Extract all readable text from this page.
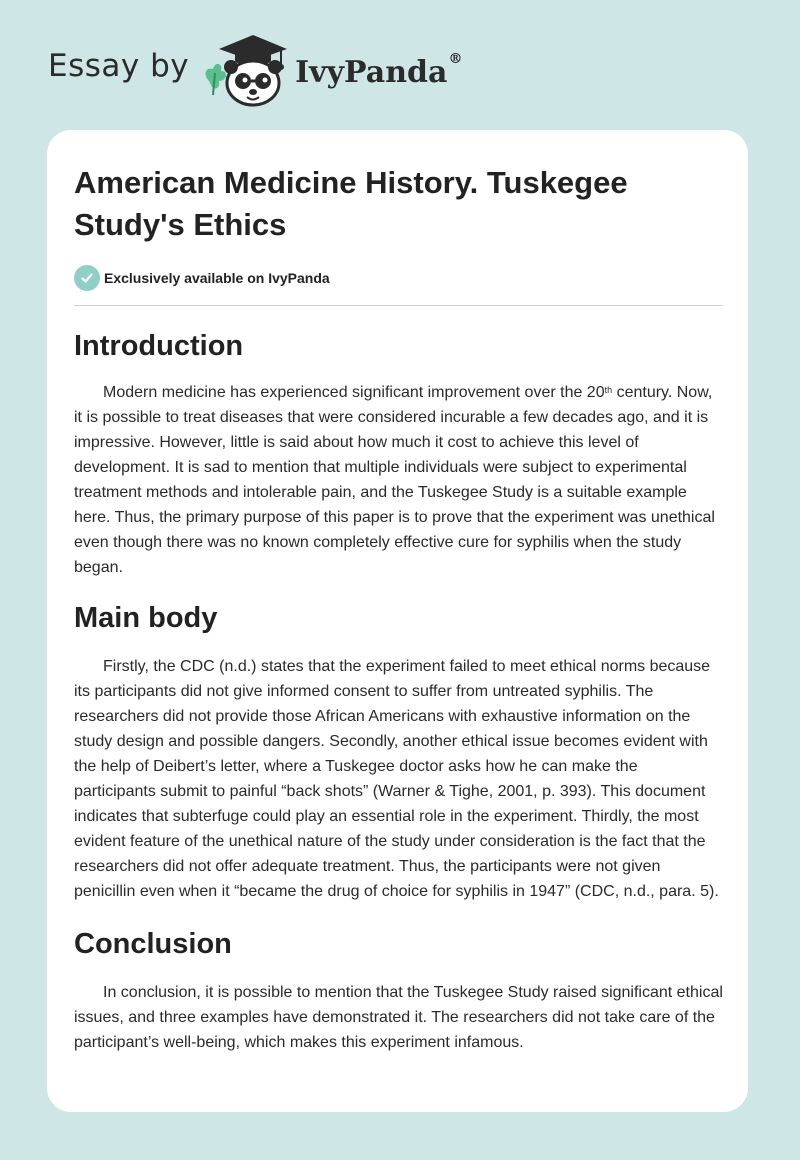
Essay by	IvyPanda®
American Medicine History. Tuskegee
Study's Ethics
Exclusively available on IvyPanda
Introduction

Modern medicine has experienced significant improvement over the 20th century. Now, it is possible to treat diseases that were considered incurable a few decades ago, and it is impressive. However, little is said about how much it cost to achieve this level of development. It is sad to mention that multiple individuals were subject to experimental treatment methods and intolerable pain, and the Tuskegee Study is a suitable example here. Thus, the primary purpose of this paper is to prove that the experiment was unethical even though there was no known completely effective cure for syphilis when the study began.

Main body

Firstly, the CDC (n.d.) states that the experiment failed to meet ethical norms because its participants did not give informed consent to suffer from untreated syphilis. The researchers did not provide those African Americans with exhaustive information on the study design and possible dangers. Secondly, another ethical issue becomes evident with the help of Deibert’s letter, where a Tuskegee doctor asks how he can make the participants submit to painful “back shots” (Warner & Tighe, 2001, p. 393). This document indicates that subterfuge could play an essential role in the experiment. Thirdly, the most evident feature of the unethical nature of the study under consideration is the fact that the researchers did not offer adequate treatment. Thus, the participants were not given penicillin even when it “became the drug of choice for syphilis in 1947” (CDC, n.d., para. 5).

Conclusion

In conclusion, it is possible to mention that the Tuskegee Study raised significant ethical issues, and three examples have demonstrated it. The researchers did not take care of the participant’s well-being, which makes this experiment infamous.
